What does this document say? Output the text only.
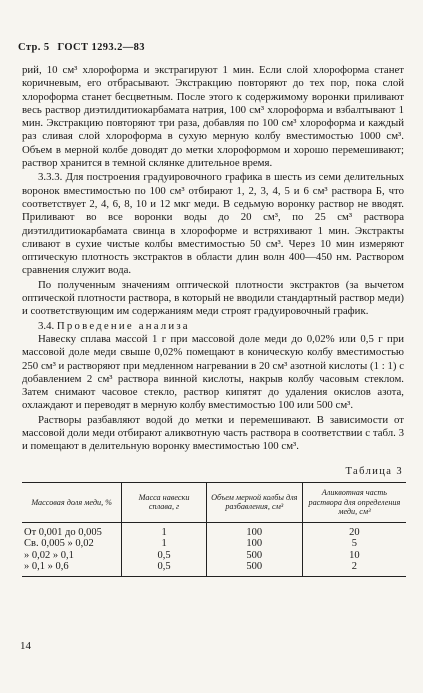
Стр. 5 ГОСТ 1293.2—83

рий, 10 см³ хлороформа и экстрагируют 1 мин. Если слой хлороформа станет коричневым, его отбрасывают. Экстракцию повторяют до тех пор, пока слой хлороформа станет бесцветным. После этого к содержимому воронки приливают весь раствор диэтилдитиокарбамата натрия, 100 см³ хлороформа и взбалтывают 1 мин. Экстракцию повторяют три раза, добавляя по 100 см³ хлороформа и каждый раз сливая слой хлороформа в сухую мерную колбу вместимостью 1000 см³. Объем в мерной колбе доводят до метки хлороформом и хорошо перемешивают; раствор хранится в темной склянке длительное время.

3.3.3. Для построения градуировочного графика в шесть из семи делительных воронок вместимостью по 100 см³ отбирают 1, 2, 3, 4, 5 и 6 см³ раствора Б, что соответствует 2, 4, 6, 8, 10 и 12 мкг меди. В седьмую воронку раствор не вводят. Приливают во все воронки воды до 20 см³, по 25 см³ раствора диэтилдитиокарбамата свинца в хлороформе и встряхивают 1 мин. Экстракты сливают в сухие чистые колбы вместимостью 50 см³. Через 10 мин измеряют оптическую плотность экстрактов в области длин волн 400—450 нм. Раствором сравнения служит вода.

По полученным значениям оптической плотности экстрактов (за вычетом оптической плотности раствора, в который не вводили стандартный раствор меди) и соответствующим им содержаниям меди строят градуировочный график.

3.4. Проведение анализа

Навеску сплава массой 1 г при массовой доле меди до 0,02% или 0,5 г при массовой доле меди свыше 0,02% помещают в коническую колбу вместимостью 250 см³ и растворяют при медленном нагревании в 20 см³ азотной кислоты (1 : 1) с добавлением 2 см³ раствора винной кислоты, накрыв колбу часовым стеклом. Затем снимают часовое стекло, раствор кипятят до удаления окислов азота, охлаждают и переводят в мерную колбу вместимостью 100 или 500 см³.

Растворы разбавляют водой до метки и перемешивают. В зависимости от массовой доли меди отбирают аликвотную часть раствора в соответствии с табл. 3 и помещают в делительную воронку вместимостью 100 см³.

Таблица 3
Массовая доля меди, %	Масса навески сплава, г	Объем мерной колбы для разбавления, см³	Аликвотная часть раствора для определения меди, см³
От 0,001 до 0,005	1	100	20
Св. 0,005 » 0,02	1	100	5
» 0,02 » 0,1	0,5	500	10
» 0,1 » 0,6	0,5	500	2
14
